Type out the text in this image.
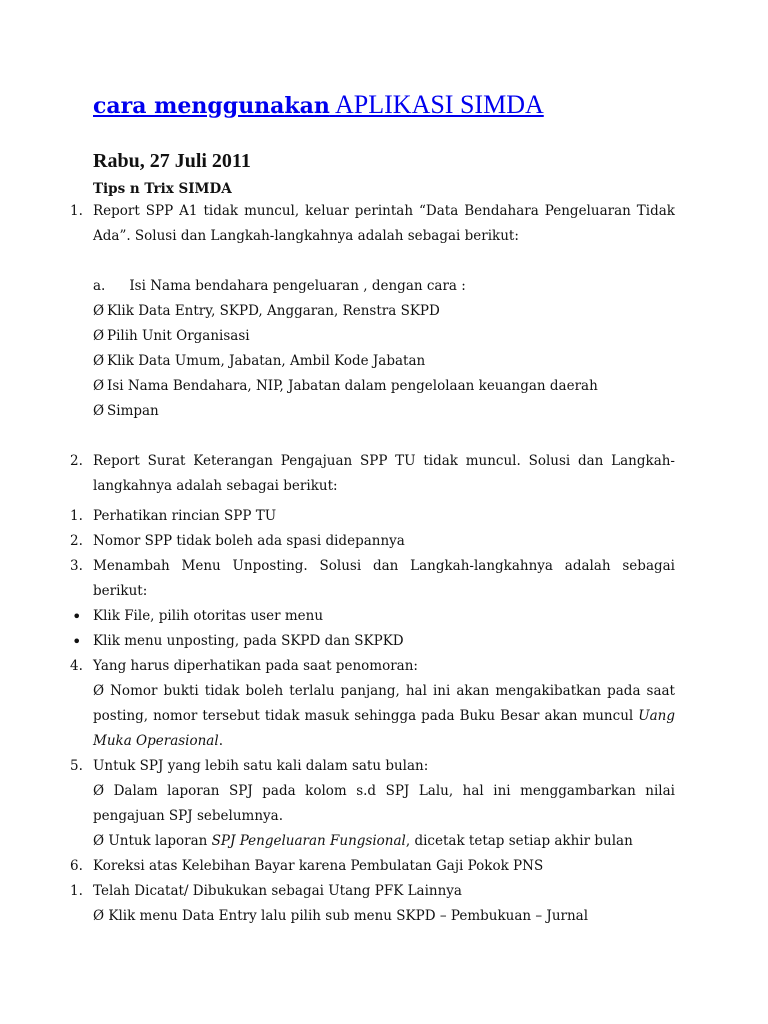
cara menggunakan APLIKASI SIMDA
Rabu, 27 Juli 2011
Tips n Trix SIMDA
1. Report SPP A1 tidak muncul, keluar perintah “Data Bendahara Pengeluaran Tidak Ada”. Solusi dan Langkah-langkahnya adalah sebagai berikut:
a. Isi Nama bendahara pengeluaran , dengan cara :
Ø Klik Data Entry, SKPD, Anggaran, Renstra SKPD
Ø Pilih Unit Organisasi
Ø Klik Data Umum, Jabatan, Ambil Kode Jabatan
Ø Isi Nama Bendahara, NIP, Jabatan dalam pengelolaan keuangan daerah
Ø Simpan
2. Report Surat Keterangan Pengajuan SPP TU tidak muncul. Solusi dan Langkah-langkahnya adalah sebagai berikut:
1. Perhatikan rincian SPP TU
2. Nomor SPP tidak boleh ada spasi didepannya
3. Menambah Menu Unposting. Solusi dan Langkah-langkahnya adalah sebagai berikut:
• Klik File, pilih otoritas user menu
• Klik menu unposting, pada SKPD dan SKPKD
4. Yang harus diperhatikan pada saat penomoran:
Ø Nomor bukti tidak boleh terlalu panjang, hal ini akan mengakibatkan pada saat posting, nomor tersebut tidak masuk sehingga pada Buku Besar akan muncul Uang Muka Operasional.
5. Untuk SPJ yang lebih satu kali dalam satu bulan:
Ø Dalam laporan SPJ pada kolom s.d SPJ Lalu, hal ini menggambarkan nilai pengajuan SPJ sebelumnya.
Ø Untuk laporan SPJ Pengeluaran Fungsional, dicetak tetap setiap akhir bulan
6. Koreksi atas Kelebihan Bayar karena Pembulatan Gaji Pokok PNS
1. Telah Dicatat/ Dibukukan sebagai Utang PFK Lainnya
Ø Klik menu Data Entry lalu pilih sub menu SKPD – Pembukuan – Jurnal
